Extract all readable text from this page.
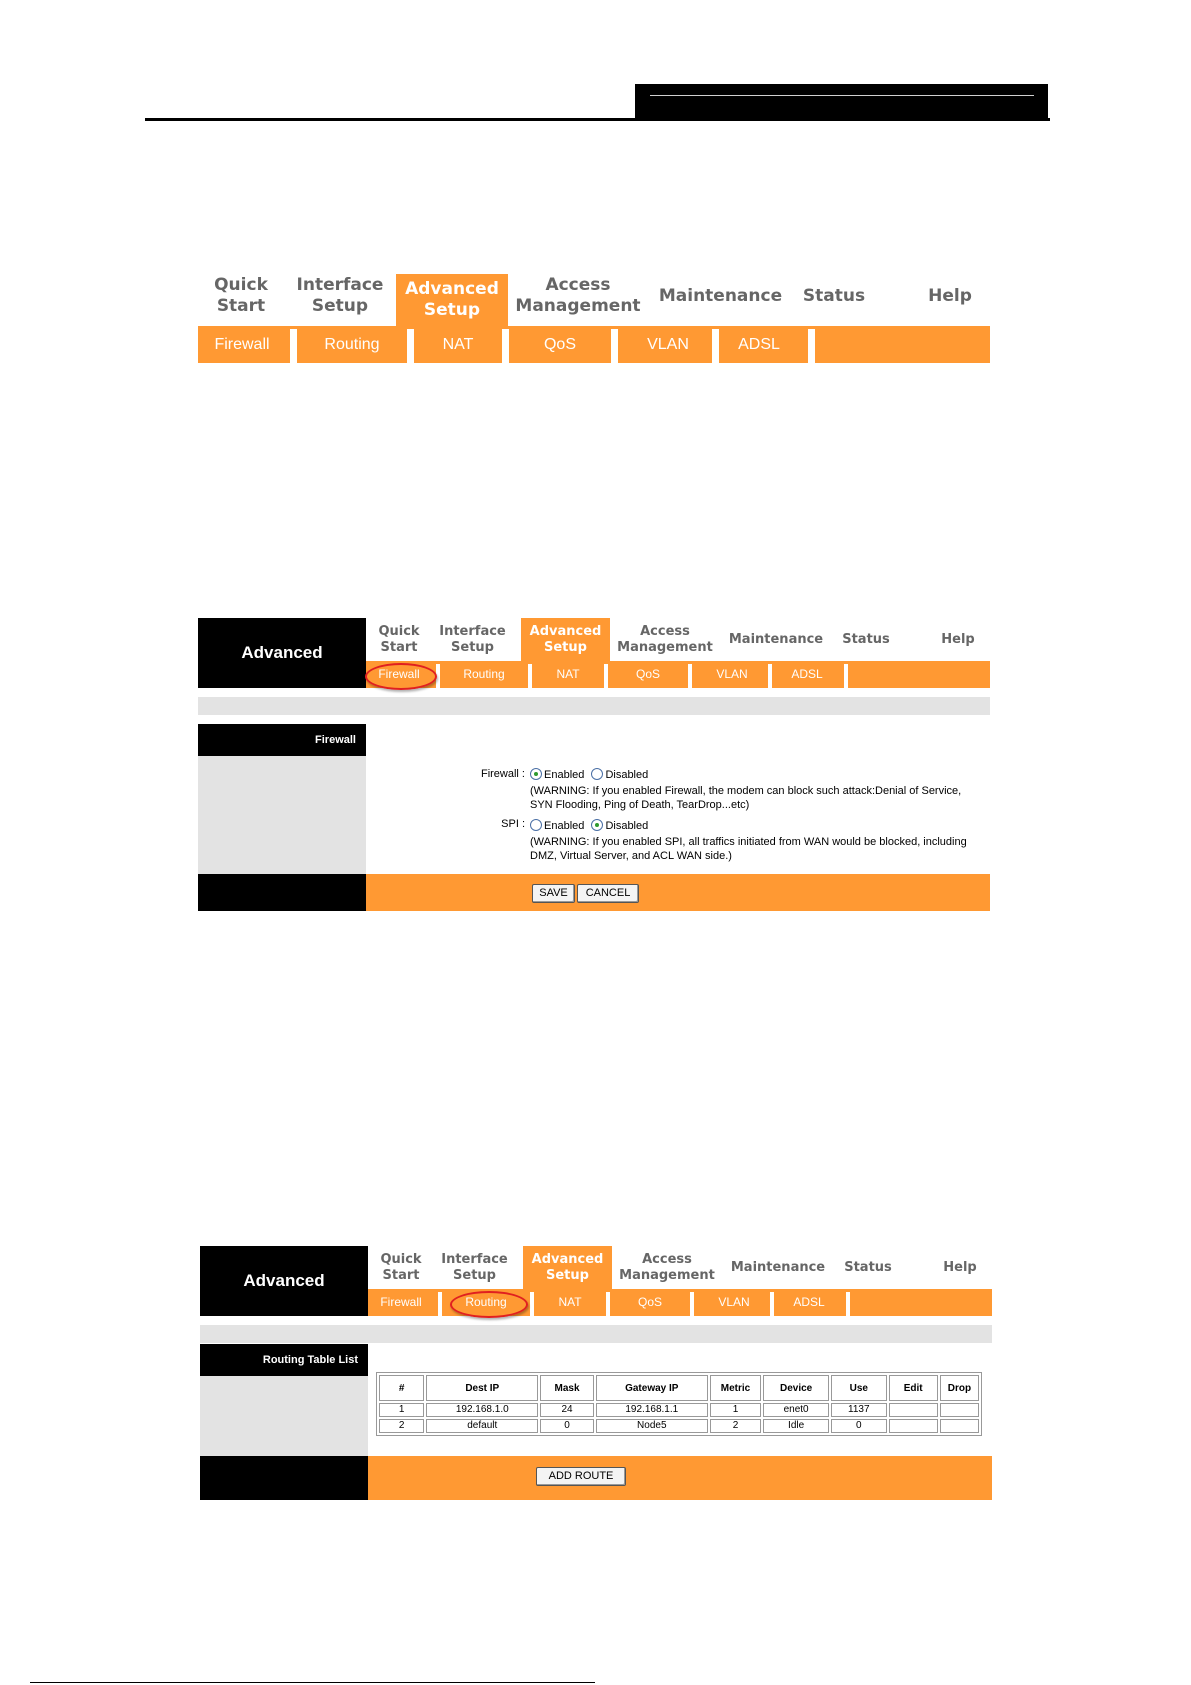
Quick
Start
Interface
Setup
Advanced
Setup
Access
Management
Maintenance Status	Help
Firewall	Routing	NAT	QoS	VLAN	ADSL
Advanced
Quick
Start
Interface
Setup
Advanced
Setup
Access
Management
Maintenance Status	Help
Firewall	Routing	NAT	QoS	VLAN	ADSL
Firewall
Firewall :	Enabled Disabled
(WARNING: If you enabled Firewall, the modem can block such attack:Denial of Service,
SYN Flooding, Ping of Death, TearDrop...etc)
SPI :	Enabled Disabled
(WARNING: If you enabled SPI, all traffics initiated from WAN would be blocked, including
DMZ, Virtual Server, and ACL WAN side.)
SAVE	CANCEL
Advanced
Quick
Start
Interface
Setup
Advanced
Setup
Access
Management
Maintenance Status	Help
Firewall	Routing	NAT	QoS	VLAN	ADSL
Routing Table List
#	Dest IP	Mask	Gateway IP	Metric	Device	Use	Edit	Drop
1	192.168.1.0	24	192.168.1.1	1	enet0	1137		
2	default	0	Node5	2	Idle	0		
ADD ROUTE
